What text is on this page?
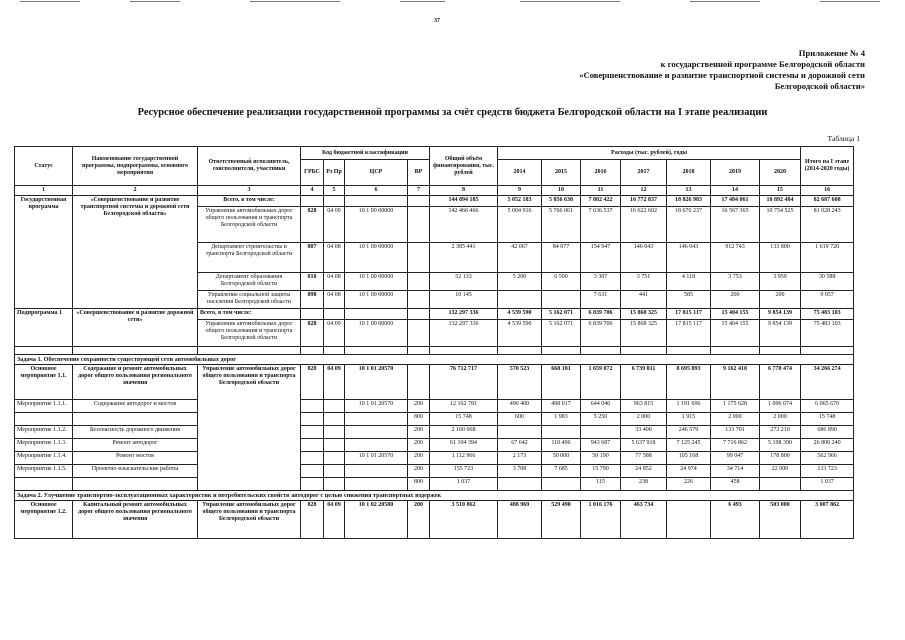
37
Приложение № 4
к государственной программе Белгородской области
«Совершенствование и развитие транспортной системы и дорожной сети
Белгородской области»
Ресурсное обеспечение реализации государственной программы за счёт средств бюджета Белгородской области на I этапе реализации
Таблица 1
Статус	Наименование государственной программы, подпрограммы, основного мероприятия	Ответственный исполнитель, соисполнители, участники	Код бюджетной классификации				Общий объём финансирования, тыс. рублей	Расходы (тыс. рублей), годы							Итого на I этапе (2014-2020 годы)
			ГРБС	Рз Пр	ЦСР	ВР		2014	2015	2016	2017	2018	2019	2020	
1	2	3	4	5	6	7	8	9	10	11	12	13	14	15	16
Государственная программа	«Совершенствование и развитие транспортной системы и дорожной сети Белгородской области»	Всего, в том числе:					144 894 185	5 052 183	5 856 638	7 802 422	16 772 837	18 826 983	17 484 061	10 892 484	82 687 608
		Управление автомобильных дорог общего пользования и транспорта Белгородской области	828	04 09	10 1 00 00000		142 466 466	5 004 916	5 766 061	7 636 537	16 622 602	18 676 237	16 567 365	10 754 525	81 028 243
		Департамент строительства и транспорта Белгородской области	807	04 08	10 1 00 00000		2 385 441	42 067	84 077	154 947	146 043	146 043	912 743	133 800	1 619 720
		Департамент образования Белгородской области	810	04 08	10 1 00 00000		52 133	5 200	6 500	3 307	3 751	4 118	3 753	3 959	30 588
		Управление социальной защиты населения Белгородской области	898	04 08	10 1 00 00000		10 145			7 631	441	585	200	200	9 057
Подпрограмма 1	«Совершенствование и развитие дорожной сети»	Всего, в том числе:					132 297 336	4 539 590	5 162 071	6 839 706	15 868 325	17 815 117	15 404 155	9 854 139	75 483 103
		Управление автомобильных дорог общего пользования и транспорта Белгородской области	828	04 09	10 1 00 00000		132 297 336	4 539 590	5 162 071	6 839 706	15 868 325	17 815 117	15 404 155	9 854 139	75 483 103

Задача 1. Обеспечение сохранности существующей сети автомобильных дорог															
Основное мероприятие 1.1.	Содержание и ремонт автомобильных дорог общего пользования регионального значения	Управление автомобильных дорог общего пользования и транспорта Белгородской области	828	04 09	10 1 01 20570		76 712 717	570 523	668 181	1 659 072	6 739 811	8 695 893	9 162 410	6 770 474	34 266 274
Мероприятие 1.1.1.	Содержание автодорог и мостов				10 1 01 20570	200	12 162 781	496 400	498 017	644 040	963 815	1 191 696	1 175 628	1 096 074	6 065 670
						800	15 748	600	1 983	5 250	2 000	1 915	2 000	2 000	15 748
Мероприятие 1.1.2.	Безопасность дорожного движения					200	2 160 068				33 400	246 579	133 701	273 210	686 890
Мероприятие 1.1.3.	Ремонт автодорог					200	61 104 394	67 642	110 496	943 687	5 637 918	7 125 245	7 716 862	5 198 390	26 800 240
Мероприятие 1.1.4.	Ремонт мостов				10 1 01 20570	200	1 112 966	2 173	50 000	50 190	77 588	105 168	99 047	178 800	562 966
Мероприятие 1.1.5.	Проектно-изыскательские работы					200	155 723	3 708	7 685	15 790	24 852	24 974	34 714	22 000	133 723
						800	1 037			115	238	226	458		1 037
Задача 2. Улучшение транспортно-эксплуатационных характеристик и потребительских свойств автодорог с целью снижения транспортных издержек															
Основное мероприятие 1.2.	Капитальный ремонт автомобильных дорог общего пользования регионального значения	Управление автомобильных дорог общего пользования и транспорта Белгородской области	828	04 09	10 1 02 20580	200	3 510 862	488 969	529 490	1 016 176	463 734		6 493	503 000	3 007 862
